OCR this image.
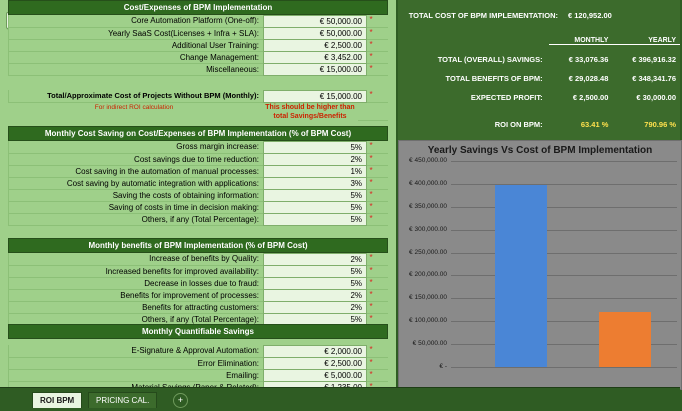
Cost/Expenses of BPM Implementation
Core Automation Platform (One-off):	€ 50,000.00 *
Yearly SaaS Cost(Licenses + Infra + SLA):	€ 50,000.00 *
Additional User Training:	€ 2,500.00 *
Change Management:	€ 3,452.00 *
Miscellaneous:	€ 15,000.00 *
Total/Approximate Cost of Projects Without BPM (Monthly):	€ 15,000.00 *
For indirect ROI calculation	This should be higher than total Savings/Benefits
Monthly Cost Saving on Cost/Expenses of BPM Implementation (% of BPM Cost)
Gross margin increase:	5% *
Cost savings due to time reduction:	2% *
Cost saving in the automation of manual processes:	1% *
Cost saving by automatic integration with applications:	3% *
Saving the costs of obtaining information:	5% *
Saving of costs in time in decision making:	5% *
Others, if any (Total Percentage):	5% *
Monthly benefits of BPM Implementation (% of BPM Cost)
Increase of benefits by Quality:	2% *
Increased benefits for improved availability:	5% *
Decrease in losses due to fraud:	5% *
Benefits for improvement of processes:	2% *
Benefits for attracting customers:	2% *
Others, if any (Total Percentage):	5% *
Monthly Quantifiable Savings
E-Signature & Approval Automation:	€ 2,000.00 *
Error Elimination:	€ 2,500.00 *
Emailing:	€ 5,000.00 *
TOTAL COST OF BPM IMPLEMENTATION:	€ 120,952.00
MONTHLY	YEARLY
TOTAL (OVERALL) SAVINGS:	€ 33,076.36	€ 396,916.32
TOTAL BENEFITS OF BPM:	€ 29,028.48	€ 348,341.76
EXPECTED PROFIT:	€ 2,500.00	€ 30,000.00
ROI ON BPM:	63.41 %	790.96 %
Yearly Savings Vs Cost of BPM Implementation
€ 450,000.00
€ 400,000.00
€ 350,000.00
€ 300,000.00
€ 250,000.00
€ 200,000.00
€ 150,000.00
€ 100,000.00
€ 50,000.00
€ -
ROI BPM	PRICING CAL.	+
